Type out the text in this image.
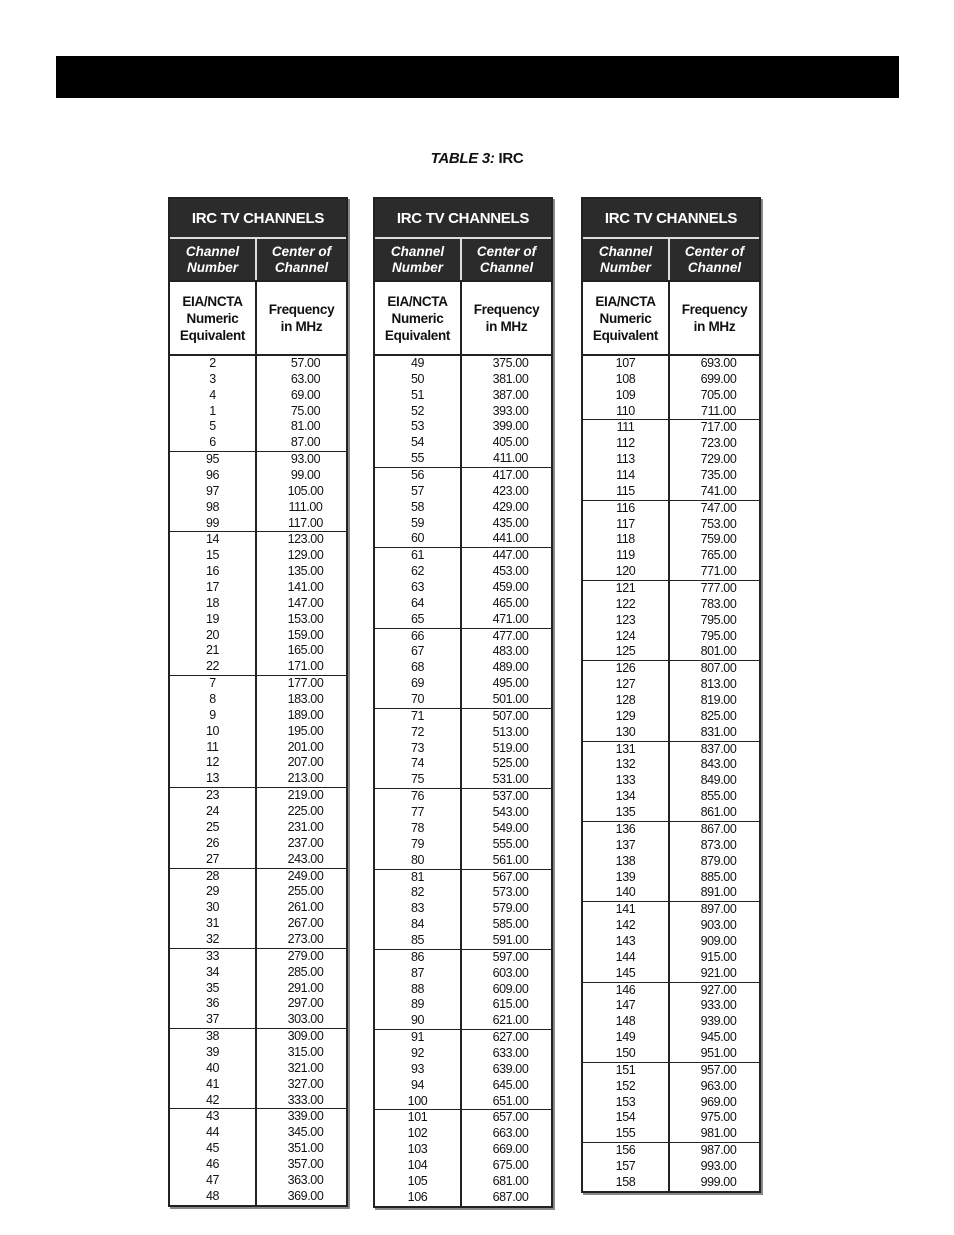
TABLE 3: IRC
IRC TV CHANNELS
Channel
Number
Center of
Channel
EIA/NCTA
Numeric
Equivalent
Frequency
in MHz
2
3
4
1
5
6
95
96
97
98
99
14
15
16
17
18
19
20
21
22
7
8
9
10
11
12
13
23
24
25
26
27
28
29
30
31
32
33
34
35
36
37
38
39
40
41
42
43
44
45
46
47
48
57.00
63.00
69.00
75.00
81.00
87.00
93.00
99.00
105.00
111.00
117.00
123.00
129.00
135.00
141.00
147.00
153.00
159.00
165.00
171.00
177.00
183.00
189.00
195.00
201.00
207.00
213.00
219.00
225.00
231.00
237.00
243.00
249.00
255.00
261.00
267.00
273.00
279.00
285.00
291.00
297.00
303.00
309.00
315.00
321.00
327.00
333.00
339.00
345.00
351.00
357.00
363.00
369.00
IRC TV CHANNELS
Channel
Number
Center of
Channel
EIA/NCTA
Numeric
Equivalent
Frequency
in MHz
49
50
51
52
53
54
55
56
57
58
59
60
61
62
63
64
65
66
67
68
69
70
71
72
73
74
75
76
77
78
79
80
81
82
83
84
85
86
87
88
89
90
91
92
93
94
100
101
102
103
104
105
106
375.00
381.00
387.00
393.00
399.00
405.00
411.00
417.00
423.00
429.00
435.00
441.00
447.00
453.00
459.00
465.00
471.00
477.00
483.00
489.00
495.00
501.00
507.00
513.00
519.00
525.00
531.00
537.00
543.00
549.00
555.00
561.00
567.00
573.00
579.00
585.00
591.00
597.00
603.00
609.00
615.00
621.00
627.00
633.00
639.00
645.00
651.00
657.00
663.00
669.00
675.00
681.00
687.00
IRC TV CHANNELS
Channel
Number
Center of
Channel
EIA/NCTA
Numeric
Equivalent
Frequency
in MHz
107
108
109
110
111
112
113
114
115
116
117
118
119
120
121
122
123
124
125
126
127
128
129
130
131
132
133
134
135
136
137
138
139
140
141
142
143
144
145
146
147
148
149
150
151
152
153
154
155
156
157
158
693.00
699.00
705.00
711.00
717.00
723.00
729.00
735.00
741.00
747.00
753.00
759.00
765.00
771.00
777.00
783.00
795.00
795.00
801.00
807.00
813.00
819.00
825.00
831.00
837.00
843.00
849.00
855.00
861.00
867.00
873.00
879.00
885.00
891.00
897.00
903.00
909.00
915.00
921.00
927.00
933.00
939.00
945.00
951.00
957.00
963.00
969.00
975.00
981.00
987.00
993.00
999.00
